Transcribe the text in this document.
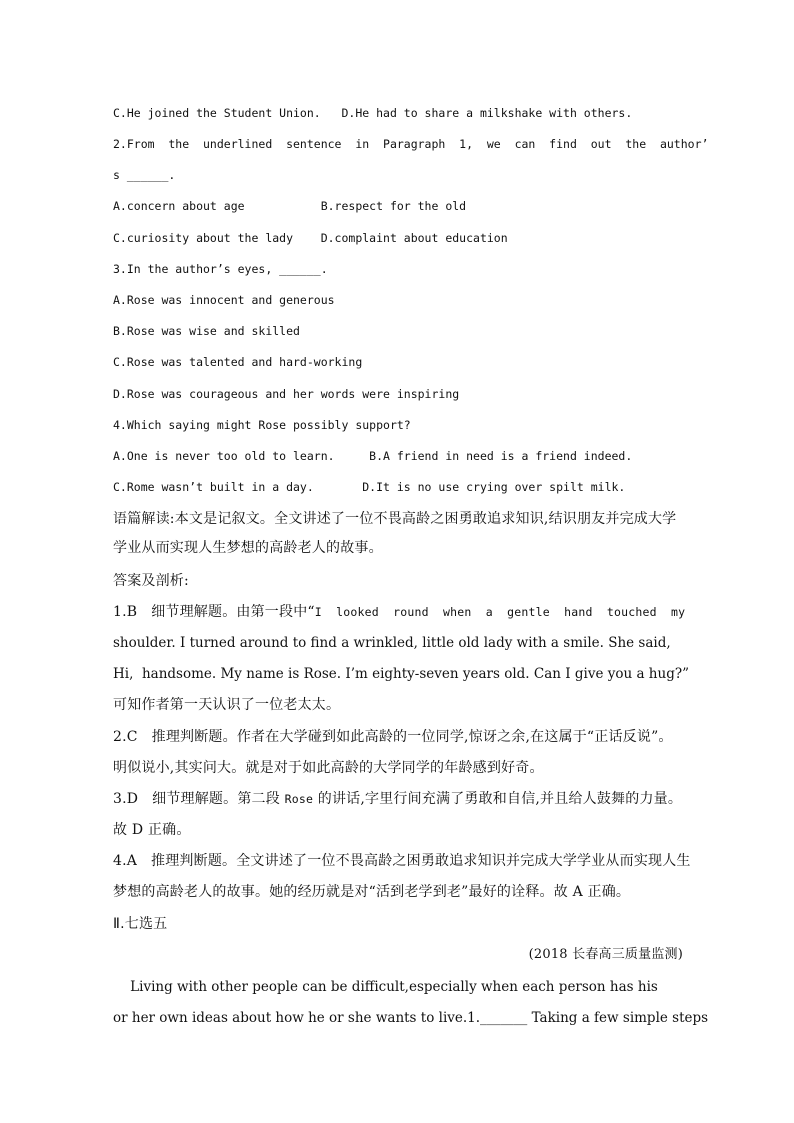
C.He joined the Student Union.   D.He had to share a milkshake with others.
2.From  the  underlined  sentence  in  Paragraph  1,  we  can  find  out  the  author’
s ______.
A.concern about age           B.respect for the old
C.curiosity about the lady    D.complaint about education
3.In the author’s eyes, ______.
A.Rose was innocent and generous
B.Rose was wise and skilled
C.Rose was talented and hard-working
D.Rose was courageous and her words were inspiring
4.Which saying might Rose possibly support?
A.One is never too old to learn.     B.A friend in need is a friend indeed.
C.Rome wasn’t built in a day.       D.It is no use crying over spilt milk.
语篇解读:本文是记叙文。全文讲述了一位不畏高龄之困勇敢追求知识,结识朋友并完成大学
学业从而实现人生梦想的高龄老人的故事。
答案及剖析:
1.B   细节理解题。由第一段中“I  looked  round  when  a  gentle  hand  touched  my
shoulder. I turned around to find a wrinkled, little old lady with a smile. She said,
Hi,  handsome. My name is Rose. I’m eighty-seven years old. Can I give you a hug?”
可知作者第一天认识了一位老太太。
2.C   推理判断题。作者在大学碰到如此高龄的一位同学,惊讶之余,在这属于“正话反说”。
明似说小,其实问大。就是对于如此高龄的大学同学的年龄感到好奇。
3.D   细节理解题。第二段 Rose 的讲话,字里行间充满了勇敢和自信,并且给人鼓舞的力量。
故 D 正确。
4.A   推理判断题。全文讲述了一位不畏高龄之困勇敢追求知识并完成大学学业从而实现人生
梦想的高龄老人的故事。她的经历就是对“活到老学到老”最好的诠释。故 A 正确。
Ⅱ.七选五
(2018 长春高三质量监测)
Living with other people can be difficult,especially when each person has his
or her own ideas about how he or she wants to live.1._______ Taking a few simple steps
